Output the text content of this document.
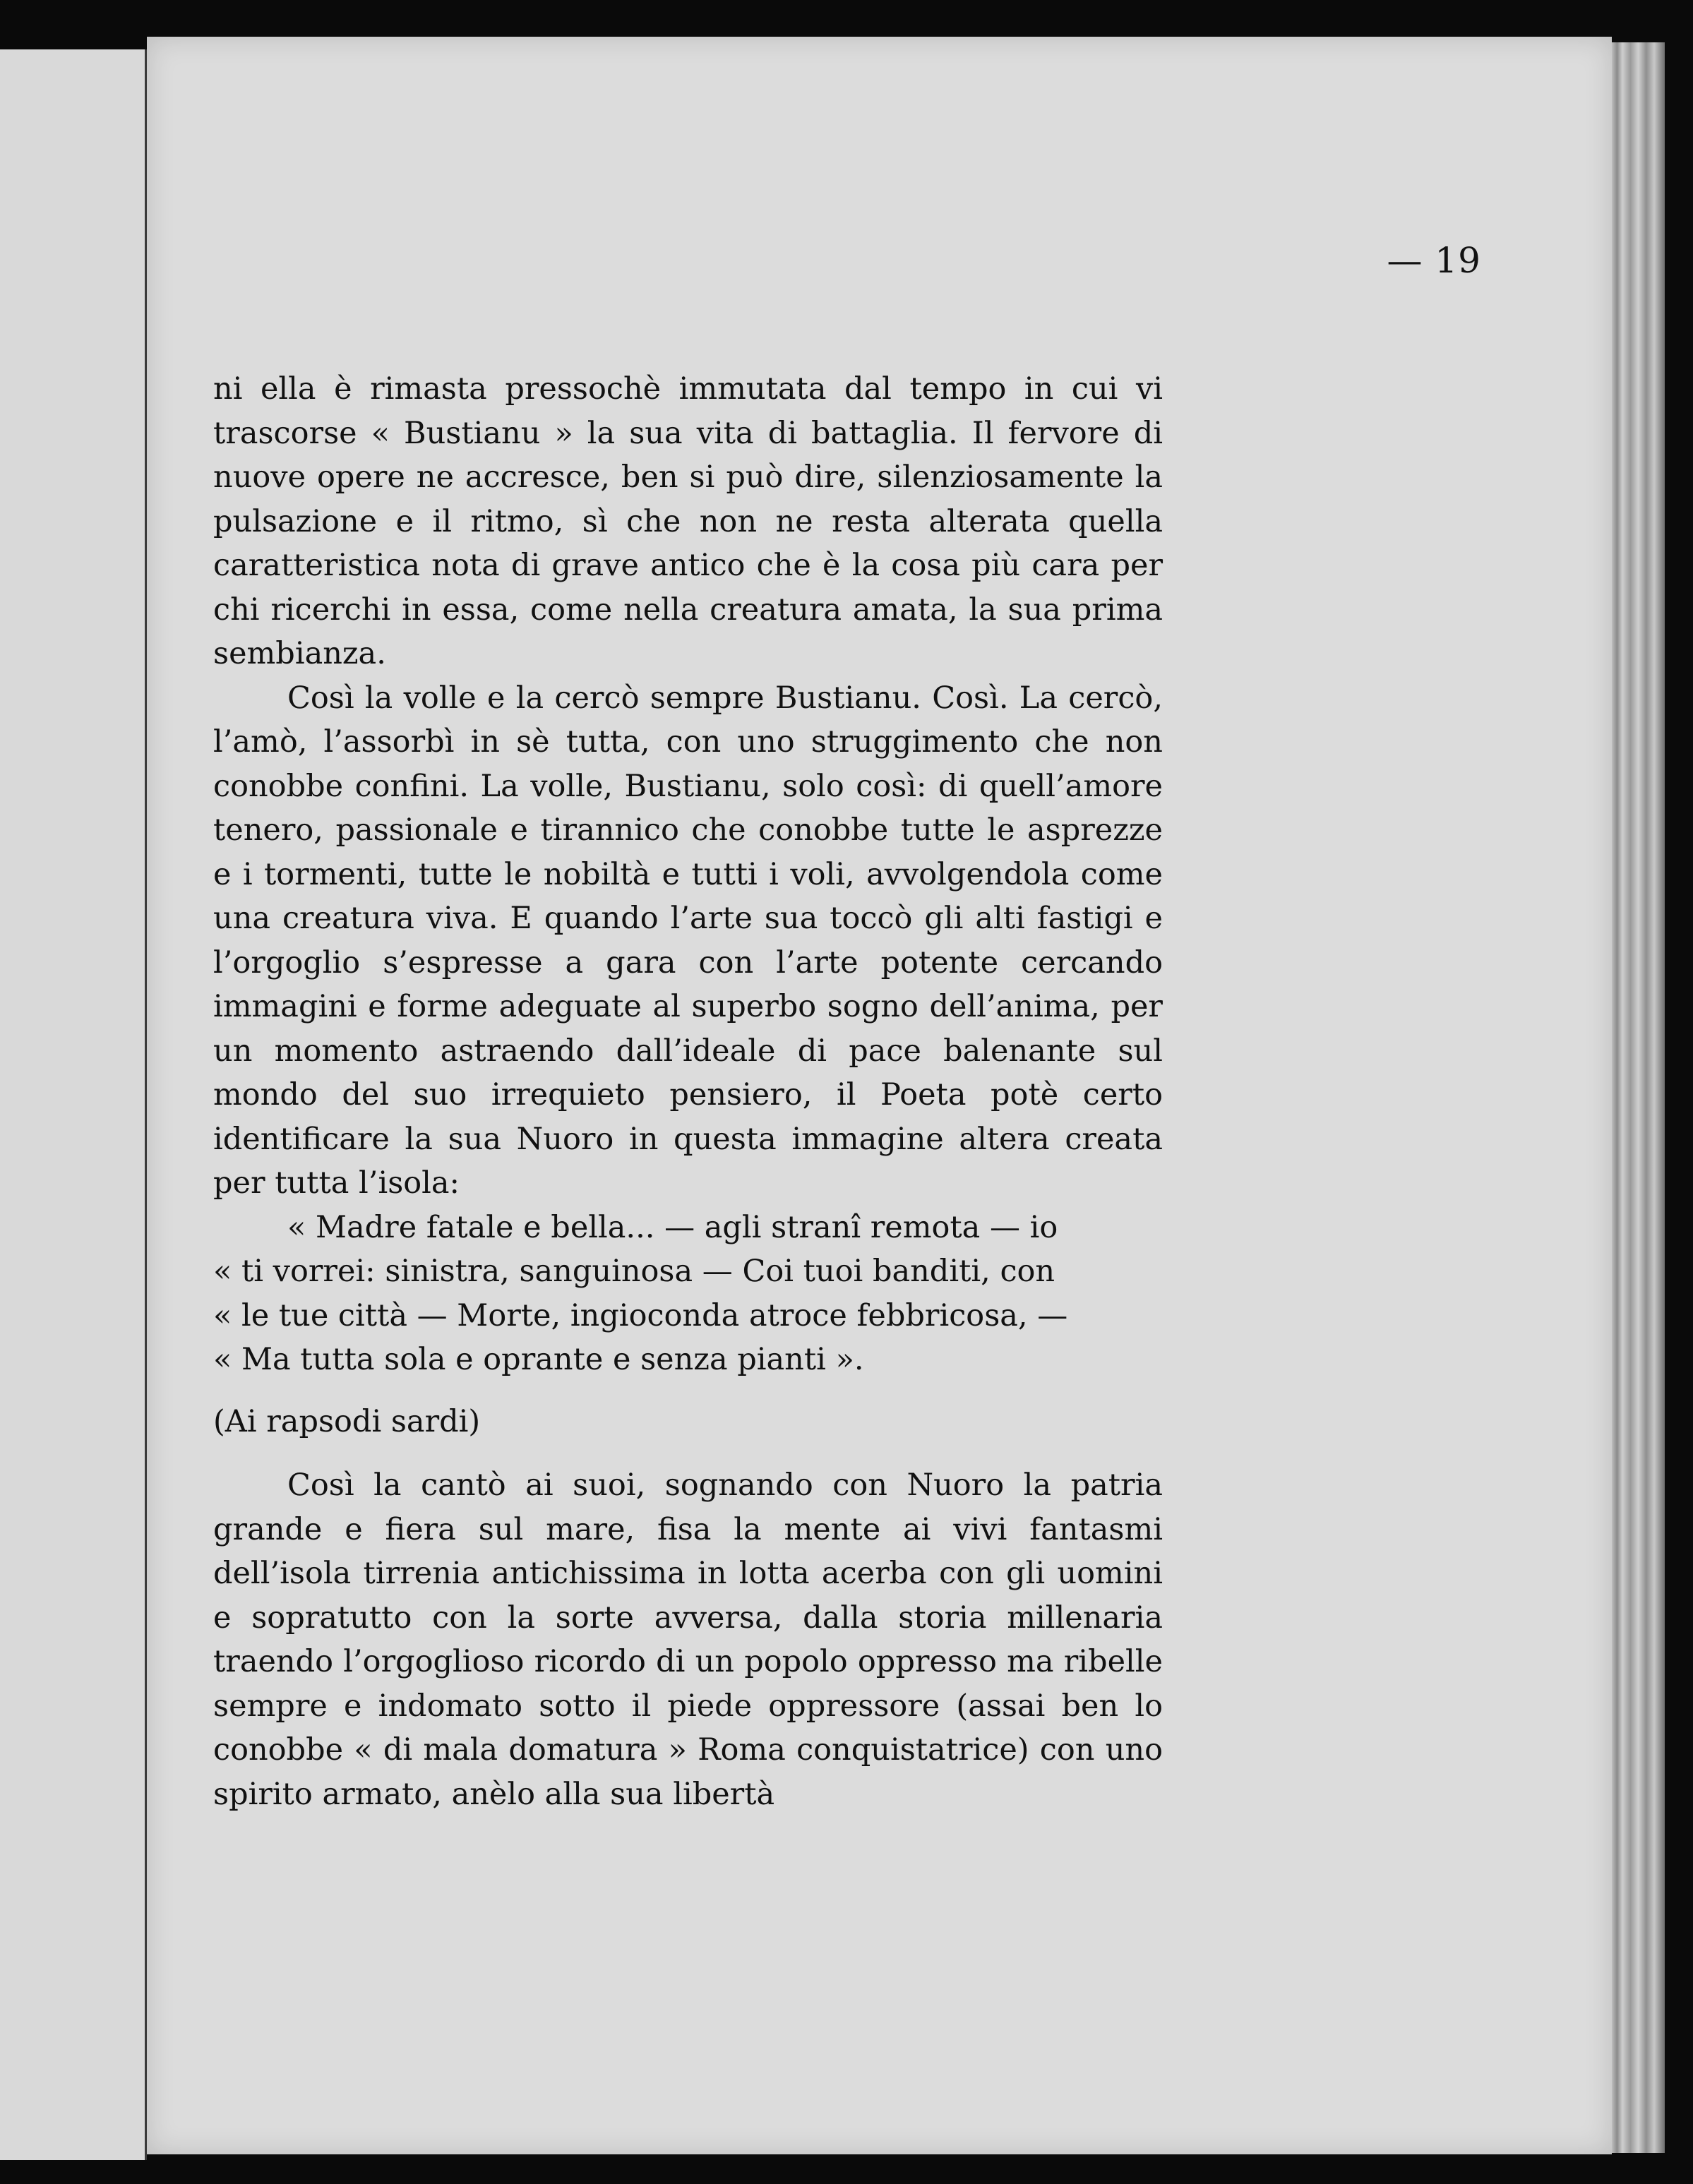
— 19

ni ella è rimasta pressochè immutata dal tempo in cui vi trascorse « Bustianu » la sua vita di battaglia. Il fervore di nuove opere ne accresce, ben si può dire, silenziosamente la pulsazione e il ritmo, sì che non ne resta alterata quella caratteristica nota di grave antico che è la cosa più cara per chi ricerchi in essa, come nella creatura amata, la sua prima sembianza.

Così la volle e la cercò sempre Bustianu. Così. La cercò, l’amò, l’assorbì in sè tutta, con uno struggimento che non conobbe confini. La volle, Bustianu, solo così: di quell’amore tenero, passionale e tirannico che conobbe tutte le asprezze e i tormenti, tutte le nobiltà e tutti i voli, avvolgendola come una creatura viva. E quando l’arte sua toccò gli alti fastigi e l’orgoglio s’espresse a gara con l’arte potente cercando immagini e forme adeguate al superbo sogno dell’anima, per un momento astraendo dall’ideale di pace balenante sul mondo del suo irrequieto pensiero, il Poeta potè certo identificare la sua Nuoro in questa immagine altera creata per tutta l’isola:

« Madre fatale e bella... — agli stranî remota — io
« ti vorrei: sinistra, sanguinosa — Coi tuoi banditi, con
« le tue città — Morte, ingioconda atroce febbricosa, —
« Ma tutta sola e oprante e senza pianti ».

(Ai rapsodi sardi)

Così la cantò ai suoi, sognando con Nuoro la patria grande e fiera sul mare, fisa la mente ai vivi fantasmi dell’isola tirrenia antichissima in lotta acerba con gli uomini e sopratutto con la sorte avversa, dalla storia millenaria traendo l’orgoglioso ricordo di un popolo oppresso ma ribelle sempre e indomato sotto il piede oppressore (assai ben lo conobbe « di mala domatura » Roma conquistatrice) con uno spirito armato, anèlo alla sua libertà
